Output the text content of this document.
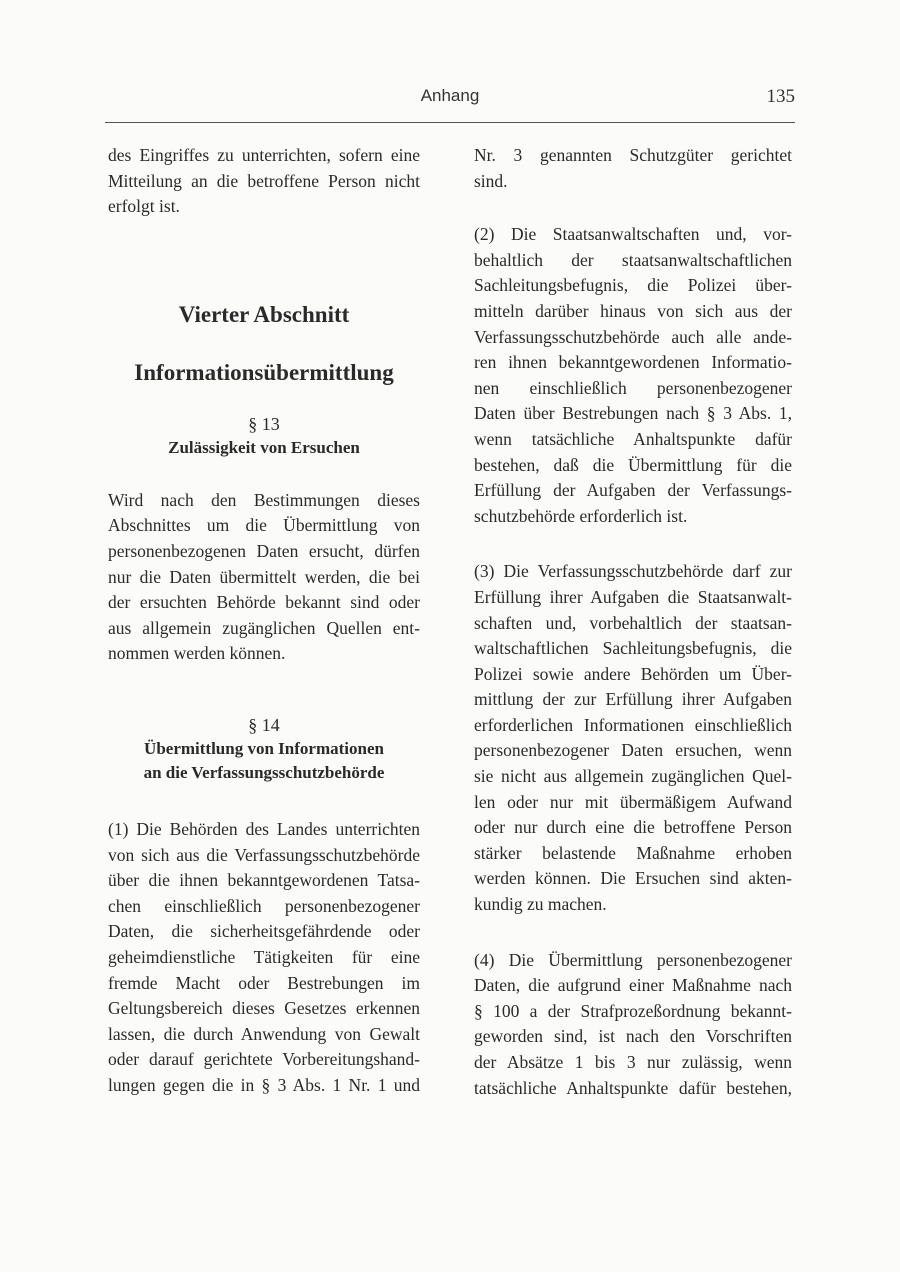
Anhang	135
des Eingriffes zu unterrichten, sofern eine
Mitteilung an die betroffene Person nicht
erfolgt ist.

Vierter Abschnitt

Informationsübermittlung

§ 13

Zulässigkeit von Ersuchen

Wird nach den Bestimmungen dieses
Abschnittes um die Übermittlung von
personenbezogenen Daten ersucht, dürfen
nur die Daten übermittelt werden, die bei
der ersuchten Behörde bekannt sind oder
aus allgemein zugänglichen Quellen ent-
nommen werden können.

§ 14

Übermittlung von Informationen

an die Verfassungsschutzbehörde

(1) Die Behörden des Landes unterrichten
von sich aus die Verfassungsschutzbehörde
über die ihnen bekanntgewordenen Tatsa-
chen einschließlich personenbezogener
Daten, die sicherheitsgefährdende oder
geheimdienstliche Tätigkeiten für eine
fremde Macht oder Bestrebungen im
Geltungsbereich dieses Gesetzes erkennen
lassen, die durch Anwendung von Gewalt
oder darauf gerichtete Vorbereitungshand-
lungen gegen die in § 3 Abs. 1 Nr. 1 und
Nr. 3 genannten Schutzgüter gerichtet
sind.
(2) Die Staatsanwaltschaften und, vor-
behaltlich der staatsanwaltschaftlichen
Sachleitungsbefugnis, die Polizei über-
mitteln darüber hinaus von sich aus der
Verfassungsschutzbehörde auch alle ande-
ren ihnen bekanntgewordenen Informatio-
nen einschließlich personenbezogener
Daten über Bestrebungen nach § 3 Abs. 1,
wenn tatsächliche Anhaltspunkte dafür
bestehen, daß die Übermittlung für die
Erfüllung der Aufgaben der Verfassungs-
schutzbehörde erforderlich ist.
(3) Die Verfassungsschutzbehörde darf zur
Erfüllung ihrer Aufgaben die Staatsanwalt-
schaften und, vorbehaltlich der staatsan-
waltschaftlichen Sachleitungsbefugnis, die
Polizei sowie andere Behörden um Über-
mittlung der zur Erfüllung ihrer Aufgaben
erforderlichen Informationen einschließlich
personenbezogener Daten ersuchen, wenn
sie nicht aus allgemein zugänglichen Quel-
len oder nur mit übermäßigem Aufwand
oder nur durch eine die betroffene Person
stärker belastende Maßnahme erhoben
werden können. Die Ersuchen sind akten-
kundig zu machen.
(4) Die Übermittlung personenbezogener
Daten, die aufgrund einer Maßnahme nach
§ 100 a der Strafprozeßordnung bekannt-
geworden sind, ist nach den Vorschriften
der Absätze 1 bis 3 nur zulässig, wenn
tatsächliche Anhaltspunkte dafür bestehen,
